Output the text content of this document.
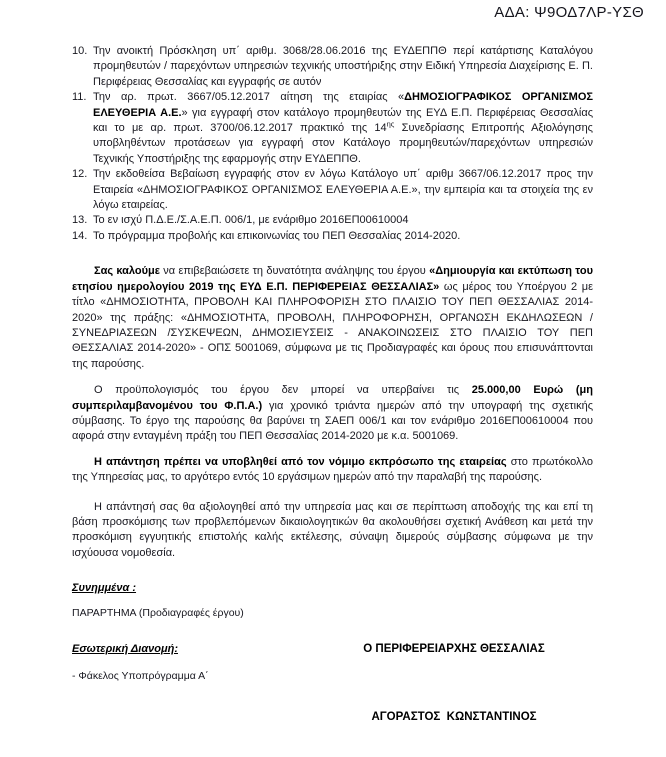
ΑΔΑ: Ψ9ΟΔ7ΛΡ-ΥΣΘ
10. Την ανοικτή Πρόσκληση υπ΄ αριθμ. 3068/28.06.2016 της ΕΥΔΕΠΠΘ περί κατάρτισης Καταλόγου προμηθευτών / παρεχόντων υπηρεσιών τεχνικής υποστήριξης στην Ειδική Υπηρεσία Διαχείρισης Ε. Π. Περιφέρειας Θεσσαλίας και εγγραφής σε αυτόν
11. Την αρ. πρωτ. 3667/05.12.2017 αίτηση της εταιρίας «ΔΗΜΟΣΙΟΓΡΑΦΙΚΟΣ ΟΡΓΑΝΙΣΜΟΣ ΕΛΕΥΘΕΡΙΑ Α.Ε.» για εγγραφή στον κατάλογο προμηθευτών της ΕΥΔ Ε.Π. Περιφέρειας Θεσσαλίας και το με αρ. πρωτ. 3700/06.12.2017 πρακτικό της $14^{\eta\varsigma}$ Συνεδρίασης Επιτροπής Αξιολόγησης υποβληθέντων προτάσεων για εγγραφή στον Κατάλογο προμηθευτών/παρεχόντων υπηρεσιών Τεχνικής Υποστήριξης της εφαρμογής στην ΕΥΔΕΠΠΘ.
12. Την εκδοθείσα Βεβαίωση εγγραφής στον εν λόγω Κατάλογο υπ΄ αριθμ 3667/06.12.2017 προς την Εταιρεία «ΔΗΜΟΣΙΟΓΡΑΦΙΚΟΣ ΟΡΓΑΝΙΣΜΟΣ ΕΛΕΥΘΕΡΙΑ Α.Ε.», την εμπειρία και τα στοιχεία της εν λόγω εταιρείας.
13. Το εν ισχύ Π.Δ.Ε./Σ.Α.Ε.Π. 006/1, με ενάριθμο 2016ΕΠ00610004
14. Το πρόγραμμα προβολής και επικοινωνίας του ΠΕΠ Θεσσαλίας 2014-2020.

Σας καλούμε να επιβεβαιώσετε τη δυνατότητα ανάληψης του έργου «Δημιουργία και εκτύπωση του ετησίου ημερολογίου 2019 της ΕΥΔ Ε.Π. ΠΕΡΙΦΕΡΕΙΑΣ ΘΕΣΣΑΛΙΑΣ» ως μέρος του Υποέργου 2 με τίτλο «ΔΗΜΟΣΙΟΤΗΤΑ, ΠΡΟΒΟΛΗ ΚΑΙ ΠΛΗΡΟΦΟΡΙΣΗ ΣΤΟ ΠΛΑΙΣΙΟ ΤΟΥ ΠΕΠ ΘΕΣΣΑΛΙΑΣ 2014-2020» της πράξης: «ΔΗΜΟΣΙΟΤΗΤΑ, ΠΡΟΒΟΛΗ, ΠΛΗΡΟΦΟΡΗΣΗ, ΟΡΓΑΝΩΣΗ ΕΚΔΗΛΩΣΕΩΝ / ΣΥΝΕΔΡΙΑΣΕΩΝ /ΣΥΣΚΕΨΕΩΝ, ΔΗΜΟΣΙΕΥΣΕΙΣ - ΑΝΑΚΟΙΝΩΣΕΙΣ ΣΤΟ ΠΛΑΙΣΙΟ ΤΟΥ ΠΕΠ ΘΕΣΣΑΛΙΑΣ 2014-2020» - ΟΠΣ 5001069, σύμφωνα με τις Προδιαγραφές και όρους που επισυνάπτονται της παρούσης.

Ο προϋπολογισμός του έργου δεν μπορεί να υπερβαίνει τις 25.000,00 Ευρώ (μη συμπεριλαμβανομένου του Φ.Π.Α.) για χρονικό τριάντα ημερών από την υπογραφή της σχετικής σύμβασης. Το έργο της παρούσης θα βαρύνει τη ΣΑΕΠ 006/1 και τον ενάριθμο 2016ΕΠ00610004 που αφορά στην ενταγμένη πράξη του ΠΕΠ Θεσσαλίας 2014-2020 με κ.α. 5001069.

Η απάντηση πρέπει να υποβληθεί από τον νόμιμο εκπρόσωπο της εταιρείας στο πρωτόκολλο της Υπηρεσίας μας, το αργότερο εντός 10 εργάσιμων ημερών από την παραλαβή της παρούσης.

Η απάντησή σας θα αξιολογηθεί από την υπηρεσία μας και σε περίπτωση αποδοχής της και επί τη βάση προσκόμισης των προβλεπόμενων δικαιολογητικών θα ακολουθήσει σχετική Ανάθεση και μετά την προσκόμιση εγγυητικής επιστολής καλής εκτέλεσης, σύναψη διμερούς σύμβασης σύμφωνα με την ισχύουσα νομοθεσία.

Συνημμένα :
ΠΑΡΑΡΤΗΜΑ (Προδιαγραφές έργου)
Εσωτερική Διανομή:
- Φάκελος Υποπρόγραμμα Α΄
Ο ΠΕΡΙΦΕΡΕΙΑΡΧΗΣ ΘΕΣΣΑΛΙΑΣ
ΑΓΟΡΑΣΤΟΣ  ΚΩΝΣΤΑΝΤΙΝΟΣ
